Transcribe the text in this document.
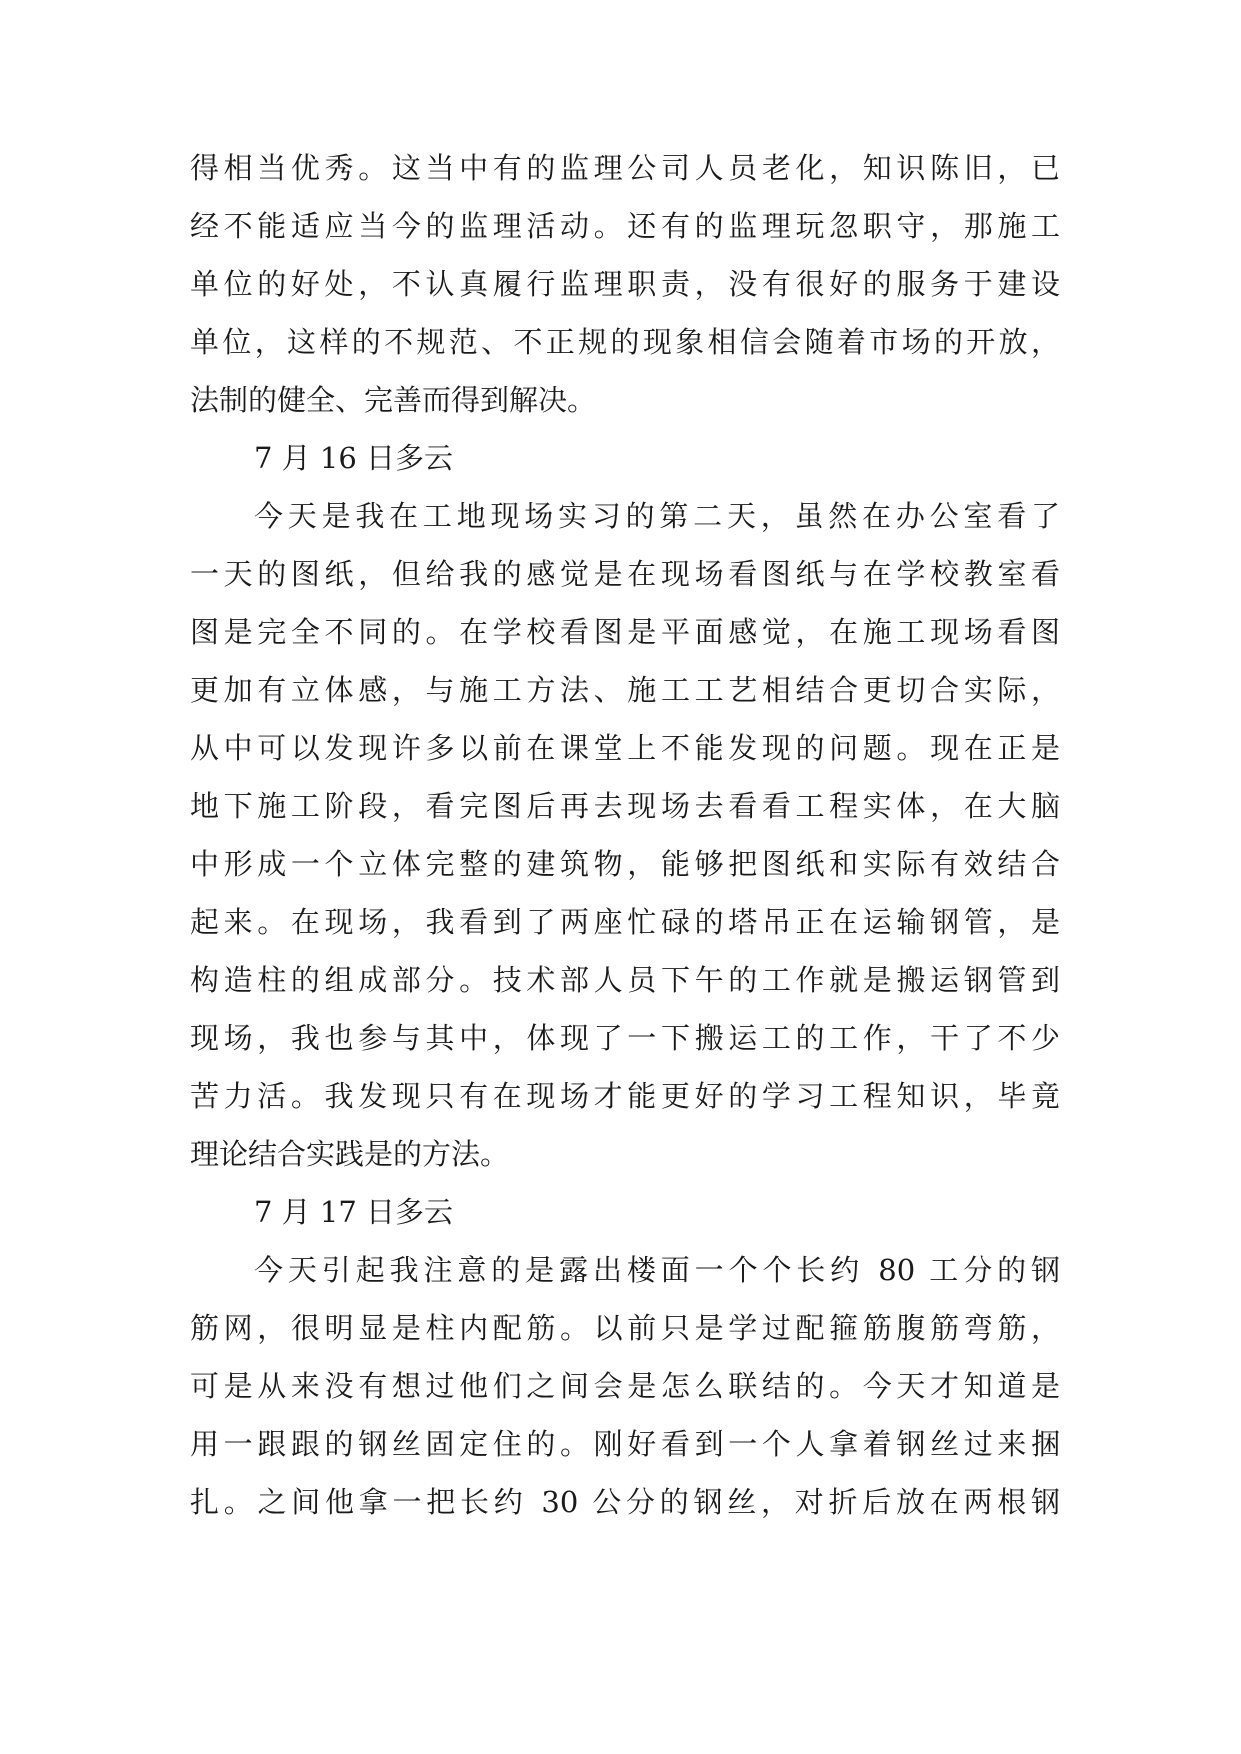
得相当优秀。这当中有的监理公司人员老化，知识陈旧，已
经不能适应当今的监理活动。还有的监理玩忽职守，那施工
单位的好处，不认真履行监理职责，没有很好的服务于建设
单位，这样的不规范、不正规的现象相信会随着市场的开放，
法制的健全、完善而得到解决。
7 月 16 日多云
今天是我在工地现场实习的第二天，虽然在办公室看了
一天的图纸，但给我的感觉是在现场看图纸与在学校教室看
图是完全不同的。在学校看图是平面感觉，在施工现场看图
更加有立体感，与施工方法、施工工艺相结合更切合实际，
从中可以发现许多以前在课堂上不能发现的问题。现在正是
地下施工阶段，看完图后再去现场去看看工程实体，在大脑
中形成一个立体完整的建筑物，能够把图纸和实际有效结合
起来。在现场，我看到了两座忙碌的塔吊正在运输钢管，是
构造柱的组成部分。技术部人员下午的工作就是搬运钢管到
现场，我也参与其中，体现了一下搬运工的工作，干了不少
苦力活。我发现只有在现场才能更好的学习工程知识，毕竟
理论结合实践是的方法。
7 月 17 日多云
今天引起我注意的是露出楼面一个个长约 80 工分的钢
筋网，很明显是柱内配筋。以前只是学过配箍筋腹筋弯筋，
可是从来没有想过他们之间会是怎么联结的。今天才知道是
用一跟跟的钢丝固定住的。刚好看到一个人拿着钢丝过来捆
扎。之间他拿一把长约 30 公分的钢丝，对折后放在两根钢
